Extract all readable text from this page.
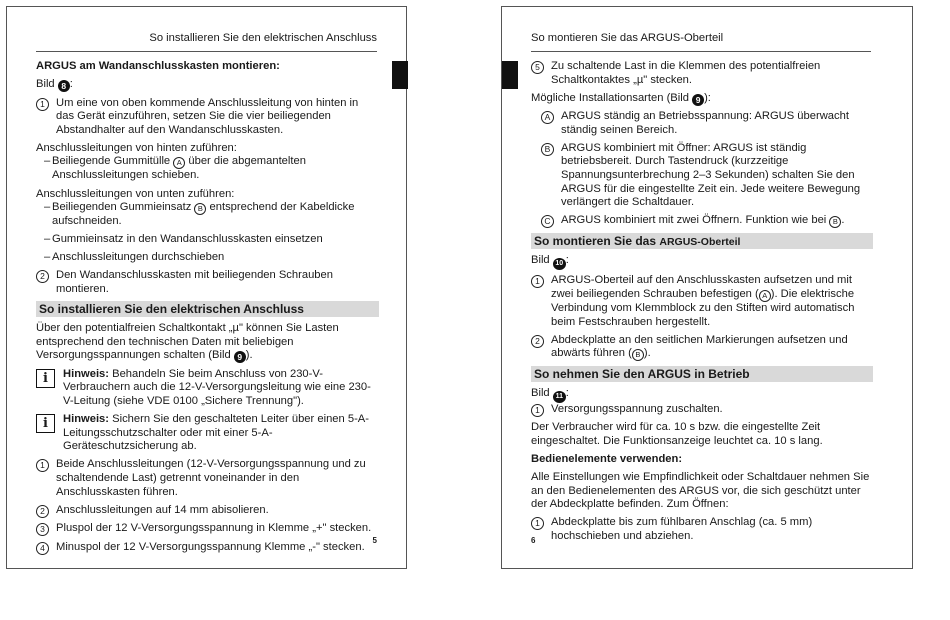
So installieren Sie den elektrischen Anschluss

ARGUS am Wandanschlusskasten montieren:

Bild 8 :

1 Um eine von oben kommende Anschlussleitung von hinten in das Gerät einzuführen, setzen Sie die vier beiliegenden Abstandhalter auf den Wandanschlusskasten.

Anschlussleitungen von hinten zuführen:

– Beiliegende Gummitülle A über die abgemantelten Anschlussleitungen schieben.

Anschlussleitungen von unten zuführen:

– Beiliegenden Gummieinsatz B entsprechend der Kabeldicke aufschneiden.
– Gummieinsatz in den Wandanschlusskasten einsetzen
– Anschlussleitungen durchschieben
2 Den Wandanschlusskasten mit beiliegenden Schrauben montieren.
So installieren Sie den elektrischen Anschluss

Über den potentialfreien Schaltkontakt „µ" können Sie Lasten entsprechend den technischen Daten mit beliebigen Versorgungsspannungen schalten (Bild 9 ).

i	Hinweis: Behandeln Sie beim Anschluss von 230-V-Verbrauchern auch die 12-V-Versorgungsleitung wie eine 230-V-Leitung (siehe VDE 0100 „Sichere Trennung").
i	Hinweis: Sichern Sie den geschalteten Leiter über einen 5-A-Leitungsschutzschalter oder mit einer 5-A-Geräteschutzsicherung ab.
1 Beide Anschlussleitungen (12-V-Versorgungsspannung und zu schaltendende Last) getrennt voneinander in den Anschlusskasten führen.
2 Anschlussleitungen auf 14 mm abisolieren.
3 Pluspol der 12 V-Versorgungsspannung in Klemme „+" stecken.
4 Minuspol der 12 V-Versorgungsspannung Klemme „-" stecken.
5
So montieren Sie das ARGUS-Oberteil
5 Zu schaltende Last in die Klemmen des potentialfreien Schaltkontaktes „µ" stecken.

Mögliche Installationsarten (Bild 9 ):

A ARGUS ständig an Betriebsspannung: ARGUS überwacht ständig seinen Bereich.
B ARGUS kombiniert mit Öffner: ARGUS ist ständig betriebsbereit. Durch Tastendruck (kurzzeitige Spannungsunterbrechung 2–3 Sekunden) schalten Sie den ARGUS für die eingestellte Zeit ein. Jede weitere Bewegung verlängert die Schaltdauer.
C ARGUS kombiniert mit zwei Öffnern. Funktion wie bei B .
So montieren Sie das ARGUS-Oberteil

Bild 10 :

1 ARGUS-Oberteil auf den Anschlusskasten aufsetzen und mit zwei beiliegenden Schrauben befestigen ( A ). Die elektrische Verbindung vom Klemmblock zu den Stiften wird automatisch beim Festschrauben hergestellt.
2 Abdeckplatte an den seitlichen Markierungen aufsetzen und abwärts führen ( B ).
So nehmen Sie den ARGUS in Betrieb

Bild 11 :

1 Versorgungsspannung zuschalten.

Der Verbraucher wird für ca. 10 s bzw. die eingestellte Zeit eingeschaltet. Die Funktionsanzeige leuchtet ca. 10 s lang.

Bedienelemente verwenden:

Alle Einstellungen wie Empfindlichkeit oder Schaltdauer nehmen Sie an den Bedienelementen des ARGUS vor, die sich geschützt unter der Abdeckplatte befinden. Zum Öffnen:

1 Abdeckplatte bis zum fühlbaren Anschlag (ca. 5 mm) hochschieben und abziehen.
6
